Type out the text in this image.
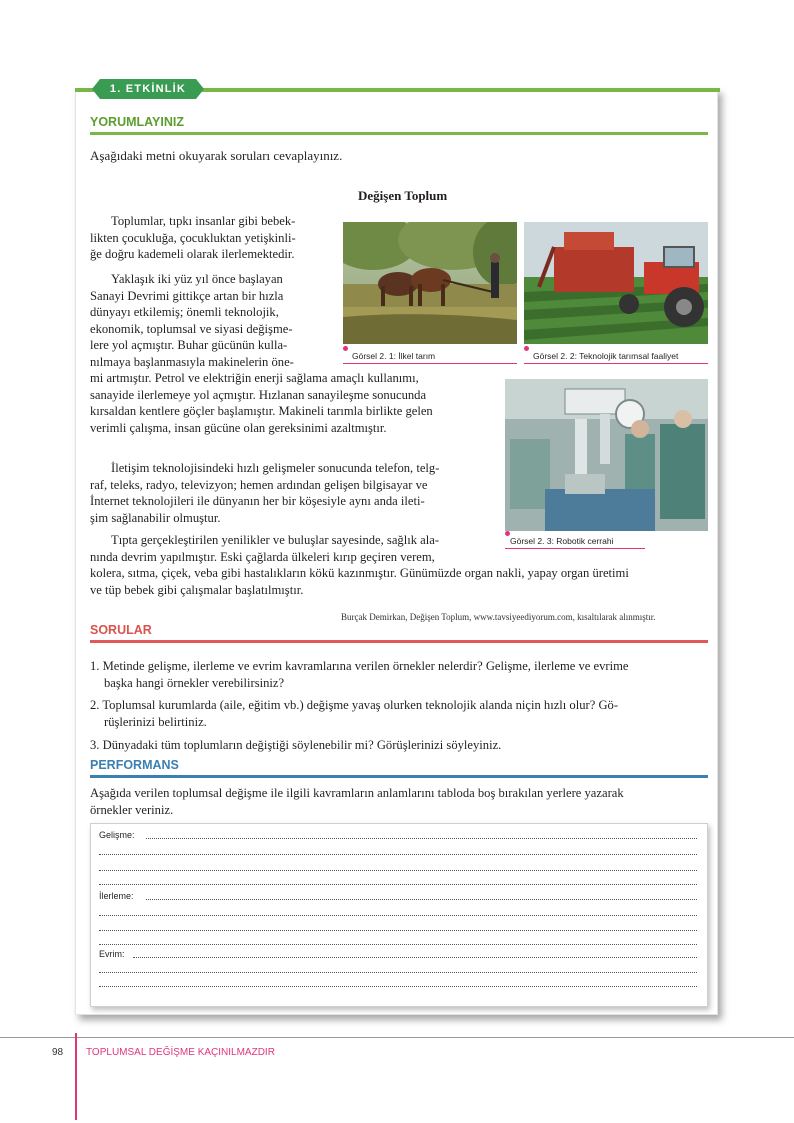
1. ETKİNLİK
YORUMLAYINIZ
Aşağıdaki metni okuyarak soruları cevaplayınız.
Değişen Toplum
Toplumlar, tıpkı insanlar gibi bebek-
likten çocukluğa, çocukluktan yetişkinli-
ğe doğru kademeli olarak ilerlemektedir.
Yaklaşık iki yüz yıl önce başlayan
Sanayi Devrimi gittikçe artan bir hızla
dünyayı etkilemiş; önemli teknolojik,
ekonomik, toplumsal ve siyasi değişme-
lere yol açmıştır. Buhar gücünün kulla-
nılmaya başlanmasıyla makinelerin öne-
mi artmıştır. Petrol ve elektriğin enerji sağlama amaçlı kullanımı,
sanayide ilerlemeye yol açmıştır. Hızlanan sanayileşme sonucunda
kırsaldan kentlere göçler başlamıştır. Makineli tarımla birlikte gelen
verimli çalışma, insan gücüne olan gereksinimi azaltmıştır.
İletişim teknolojisindeki hızlı gelişmeler sonucunda telefon, telg-
raf, teleks, radyo, televizyon; hemen ardından gelişen bilgisayar ve
İnternet teknolojileri ile dünyanın her bir köşesiyle aynı anda ileti-
şim sağlanabilir olmuştur.
Tıpta gerçekleştirilen yenilikler ve buluşlar sayesinde, sağlık ala-
nında devrim yapılmıştır. Eski çağlarda ülkeleri kırıp geçiren verem,
kolera, sıtma, çiçek, veba gibi hastalıkların kökü kazınmıştır. Günümüzde organ nakli, yapay organ üretimi
ve tüp bebek gibi çalışmalar başlatılmıştır.
Burçak Demirkan, Değişen Toplum, www.tavsiyeediyorum.com, kısaltılarak alınmıştır.
Görsel 2. 1: İlkel tarım	Görsel 2. 2: Teknolojik tarımsal faaliyet
Görsel 2. 3: Robotik cerrahi
SORULAR
1. Metinde gelişme, ilerleme ve evrim kavramlarına verilen örnekler nelerdir? Gelişme, ilerleme ve evrime
başka hangi örnekler verebilirsiniz?
2. Toplumsal kurumlarda (aile, eğitim vb.) değişme yavaş olurken teknolojik alanda niçin hızlı olur? Gö-
rüşlerinizi belirtiniz.
3. Dünyadaki tüm toplumların değiştiği söylenebilir mi? Görüşlerinizi söyleyiniz.
PERFORMANS
Aşağıda verilen toplumsal değişme ile ilgili kavramların anlamlarını tabloda boş bırakılan yerlere yazarak
örnekler veriniz.
Gelişme:
İlerleme:
Evrim:
98 TOPLUMSAL DEĞİŞME KAÇINILMAZDIR
